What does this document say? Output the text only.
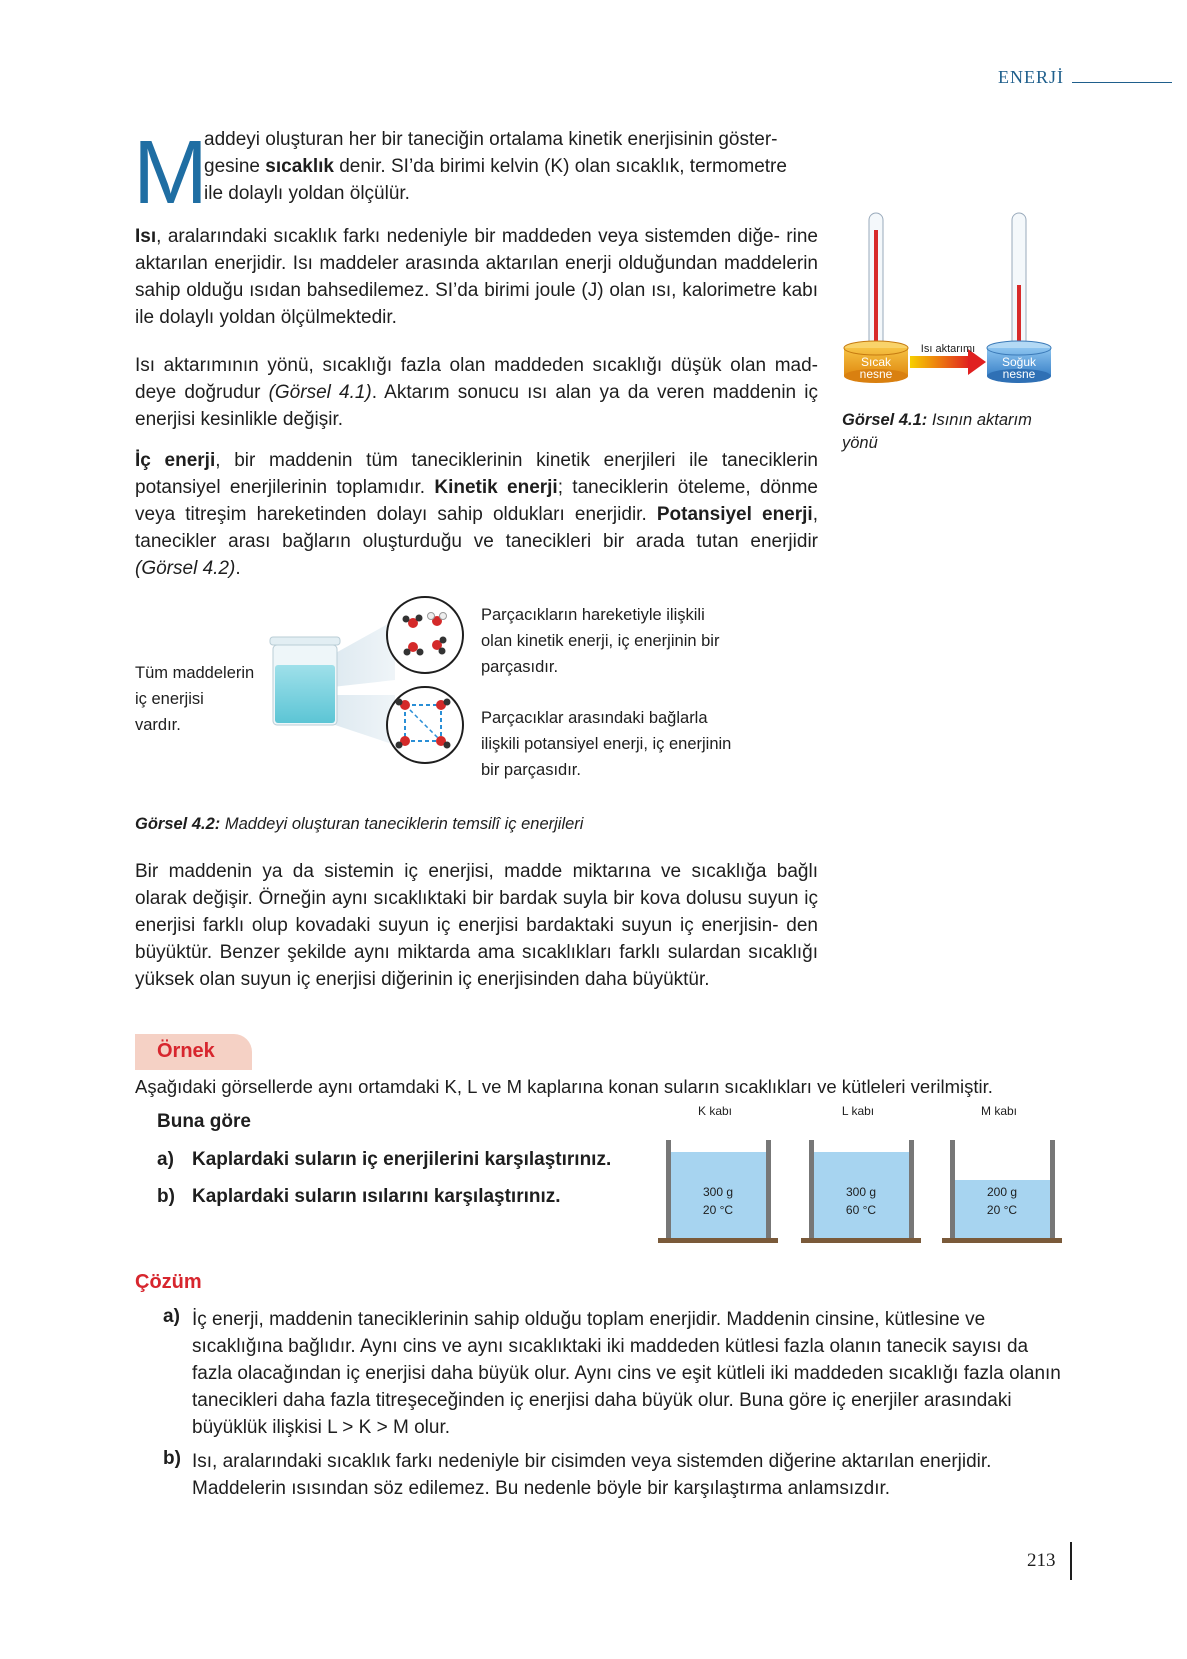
ENERJİ
M

addeyi oluşturan her bir taneciğin ortalama kinetik enerjisinin göster-
gesine sıcaklık denir. SI’da birimi kelvin (K) olan sıcaklık, termometre
ile dolaylı yoldan ölçülür.

Isı, aralarındaki sıcaklık farkı nedeniyle bir maddeden veya sistemden diğe- rine aktarılan enerjidir. Isı maddeler arasında aktarılan enerji olduğundan maddelerin sahip olduğu ısıdan bahsedilemez. SI’da birimi joule (J) olan ısı, kalorimetre kabı ile dolaylı yoldan ölçülmektedir.

Isı aktarımının yönü, sıcaklığı fazla olan maddeden sıcaklığı düşük olan mad- deye doğrudur (Görsel 4.1). Aktarım sonucu ısı alan ya da veren maddenin iç enerjisi kesinlikle değişir.

İç enerji, bir maddenin tüm taneciklerinin kinetik enerjileri ile taneciklerin potansiyel enerjilerinin toplamıdır. Kinetik enerji; taneciklerin öteleme, dönme veya titreşim hareketinden dolayı sahip oldukları enerjidir. Potansiyel enerji, tanecikler arası bağların oluşturduğu ve tanecikleri bir arada tutan enerjidir (Görsel 4.2).

Sıcak
nesne
Soğuk
nesne
Isı aktarımı
Görsel 4.1: Isının aktarım yönü
Tüm maddelerin
iç enerjisi
vardır.
Parçacıkların hareketiyle ilişkili
olan kinetik enerji, iç enerjinin bir
parçasıdır.
Parçacıklar arasındaki bağlarla
ilişkili potansiyel enerji, iç enerjinin
bir parçasıdır.
Görsel 4.2: Maddeyi oluşturan taneciklerin temsilî iç enerjileri

Bir maddenin ya da sistemin iç enerjisi, madde miktarına ve sıcaklığa bağlı olarak değişir. Örneğin aynı sıcaklıktaki bir bardak suyla bir kova dolusu suyun iç enerjisi farklı olup kovadaki suyun iç enerjisi bardaktaki suyun iç enerjisin- den büyüktür. Benzer şekilde aynı miktarda ama sıcaklıkları farklı sulardan sıcaklığı yüksek olan suyun iç enerjisi diğerinin iç enerjisinden daha büyüktür.

Örnek
Aşağıdaki görsellerde aynı ortamdaki K, L ve M kaplarına konan suların sıcaklıkları ve kütleleri verilmiştir.
Buna göre
a) Kaplardaki suların iç enerjilerini karşılaştırınız.
b) Kaplardaki suların ısılarını karşılaştırınız.
K kabı
300 g
20 °C
L kabı
300 g
60 °C
M kabı
200 g
20 °C
Çözüm
a) İç enerji, maddenin taneciklerinin sahip olduğu toplam enerjidir. Maddenin cinsine, kütlesine ve sıcaklığına bağlıdır. Aynı cins ve aynı sıcaklıktaki iki maddeden kütlesi fazla olanın tanecik sayısı da fazla olacağından iç enerjisi daha büyük olur. Aynı cins ve eşit kütleli iki maddeden sıcaklığı fazla olanın tanecikleri daha fazla titreşeceğinden iç enerjisi daha büyük olur. Buna göre iç enerjiler arasındaki büyüklük ilişkisi L > K > M olur.

b) Isı, aralarındaki sıcaklık farkı nedeniyle bir cisimden veya sistemden diğerine aktarılan enerjidir. Maddelerin ısısından söz edilemez. Bu nedenle böyle bir karşılaştırma anlamsızdır.

213
